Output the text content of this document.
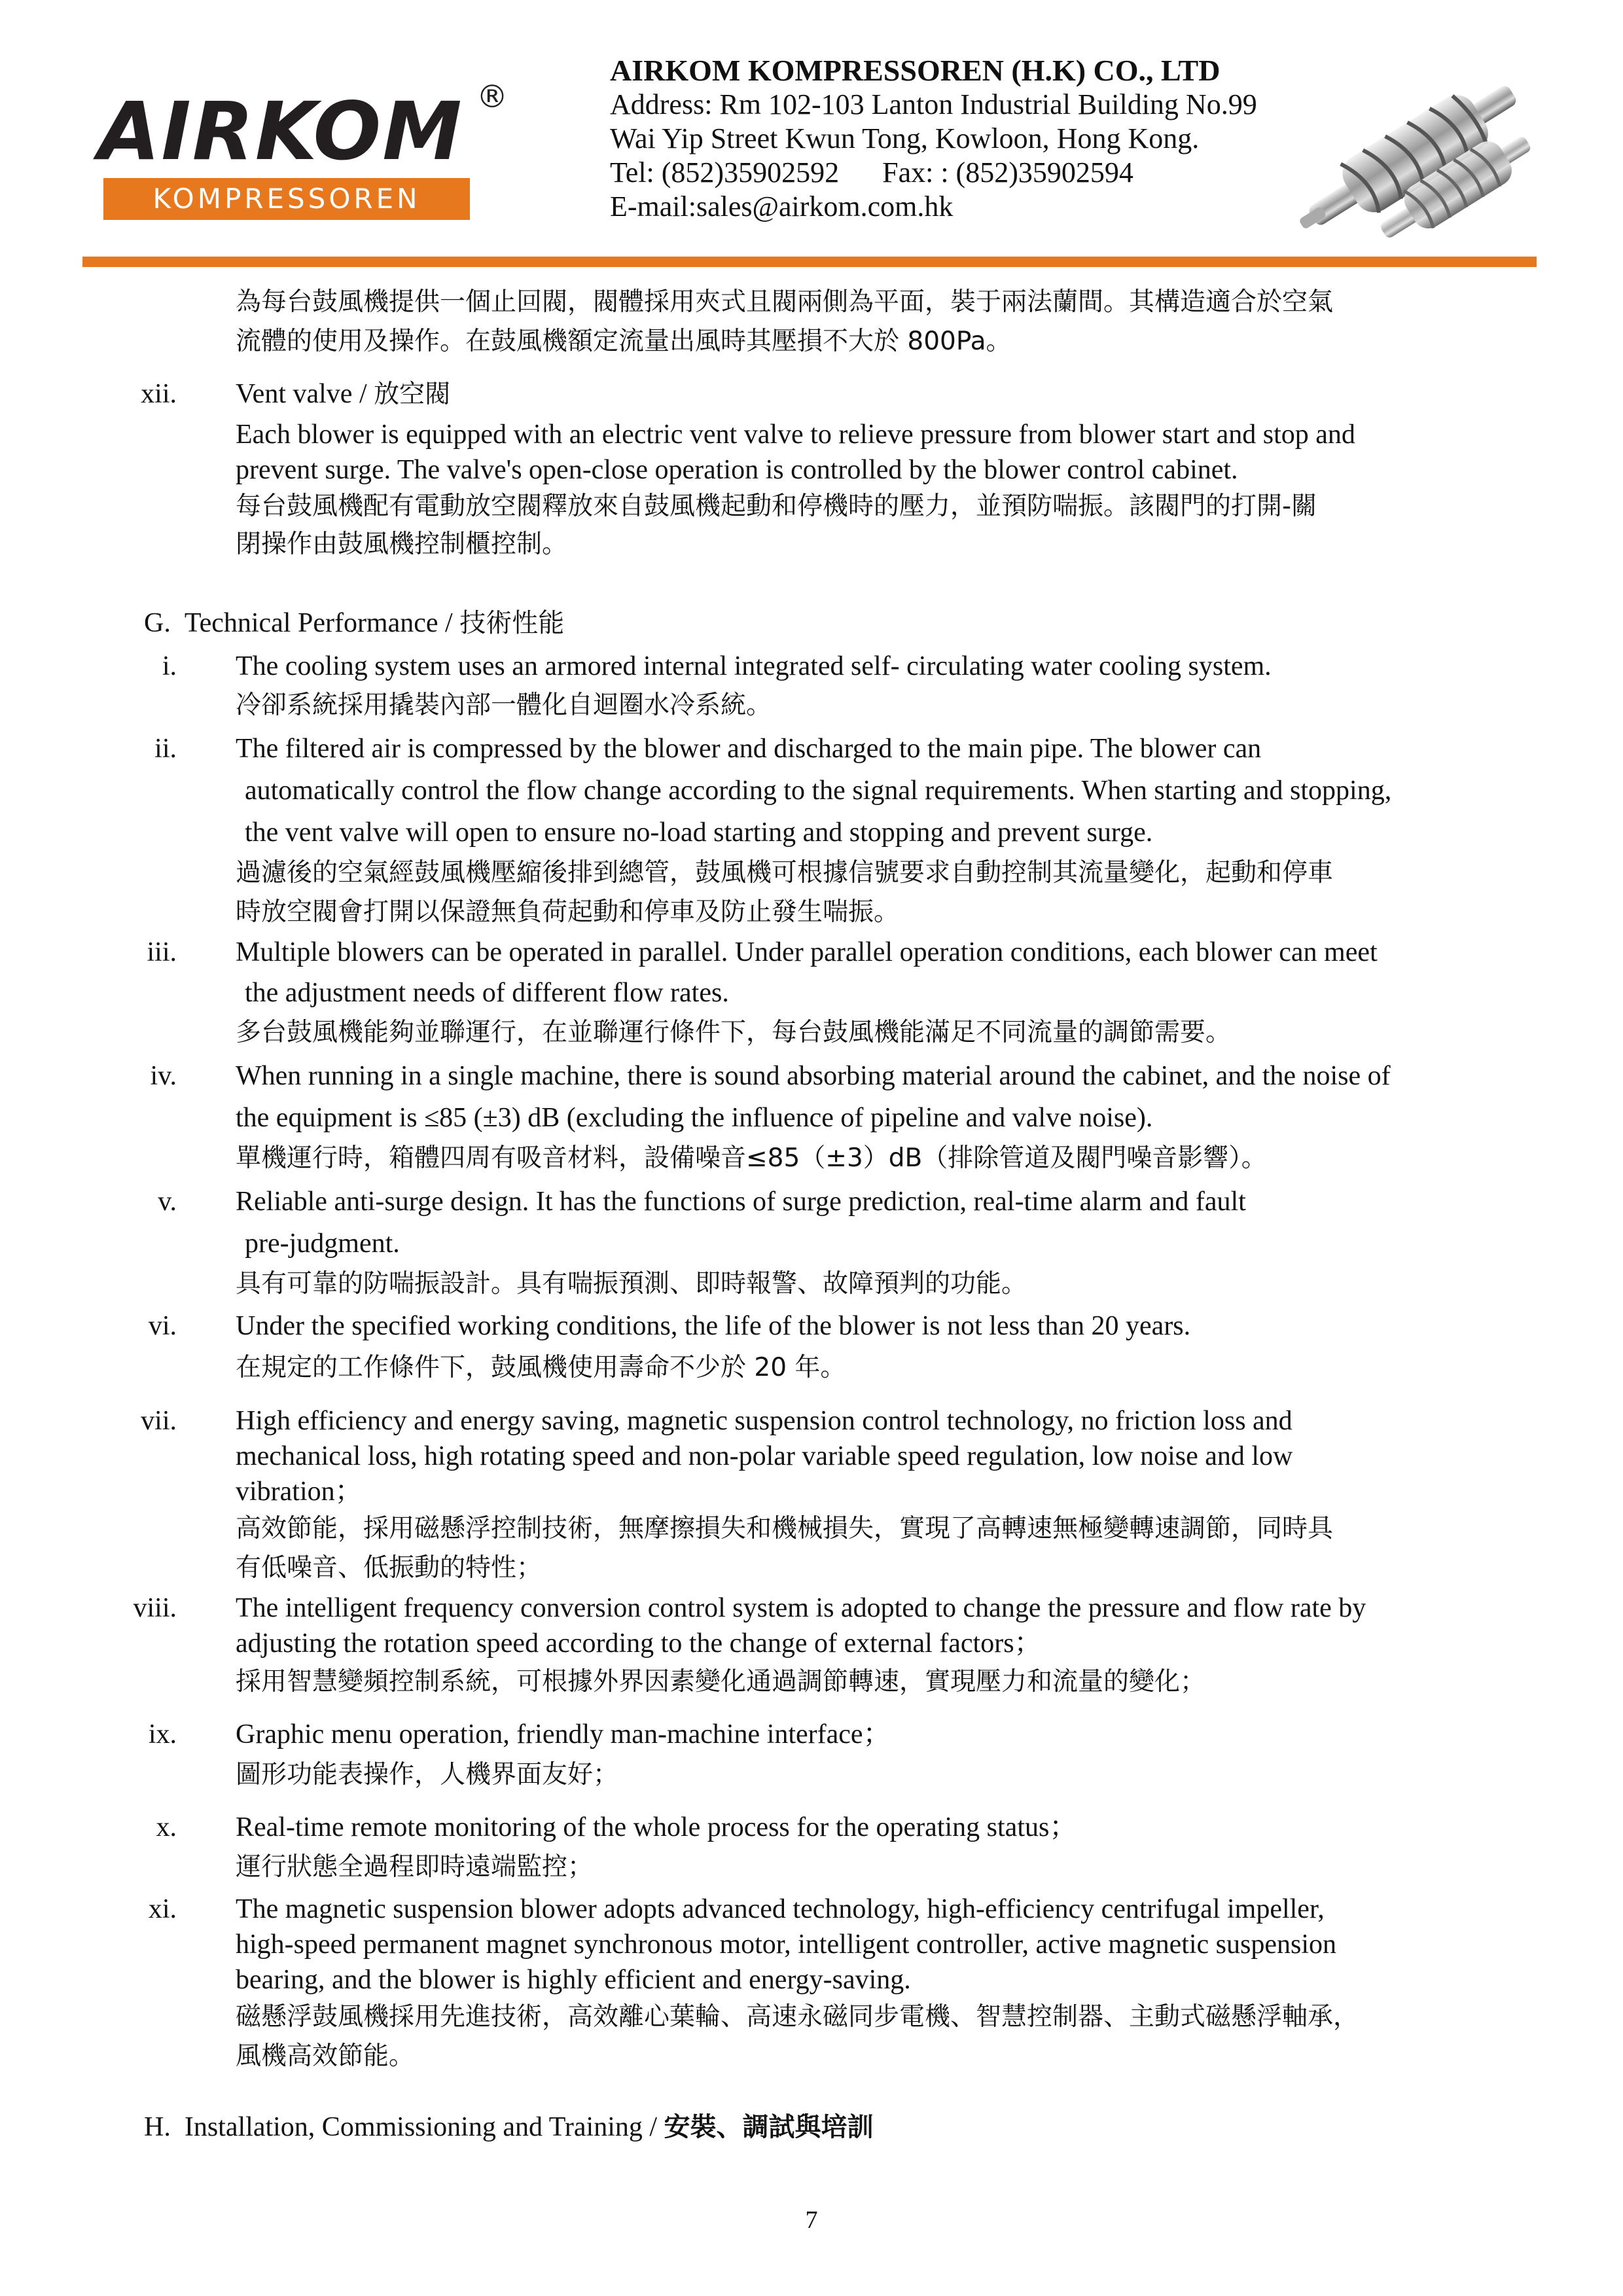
AIRKOM ®
KOMPRESSOREN
AIRKOM KOMPRESSOREN (H.K) CO., LTD
Address: Rm 102-103 Lanton Industrial Building No.99
Wai Yip Street Kwun Tong, Kowloon, Hong Kong.
Tel: (852)35902592 Fax: : (852)35902594
E-mail:sales@airkom.com.hk

為每台鼓風機提供一個止回閥，閥體採用夾式且閥兩側為平面，裝于兩法蘭間。其構造適合於空氣

流體的使用及操作。在鼓風機額定流量出風時其壓損不大於 800Pa。

xii. Vent valve / 放空閥

Each blower is equipped with an electric vent valve to relieve pressure from blower start and stop and

prevent surge. The valve's open-close operation is controlled by the blower control cabinet.

每台鼓風機配有電動放空閥釋放來自鼓風機起動和停機時的壓力，並預防喘振。該閥門的打開-關

閉操作由鼓風機控制櫃控制。

G. Technical Performance / 技術性能
i. The cooling system uses an armored internal integrated self- circulating water cooling system.

冷卻系統採用撬裝內部一體化自迴圈水冷系統。

ii. The filtered air is compressed by the blower and discharged to the main pipe. The blower can

automatically control the flow change according to the signal requirements. When starting and stopping,

the vent valve will open to ensure no-load starting and stopping and prevent surge.

過濾後的空氣經鼓風機壓縮後排到總管，鼓風機可根據信號要求自動控制其流量變化，起動和停車

時放空閥會打開以保證無負荷起動和停車及防止發生喘振。

iii. Multiple blowers can be operated in parallel. Under parallel operation conditions, each blower can meet

the adjustment needs of different flow rates.

多台鼓風機能夠並聯運行，在並聯運行條件下，每台鼓風機能滿足不同流量的調節需要。

iv. When running in a single machine, there is sound absorbing material around the cabinet, and the noise of

the equipment is ≤85 (±3) dB (excluding the influence of pipeline and valve noise).

單機運行時，箱體四周有吸音材料，設備噪音≤85（±3）dB（排除管道及閥門噪音影響）。

v. Reliable anti-surge design. It has the functions of surge prediction, real-time alarm and fault

pre-judgment.

具有可靠的防喘振設計。具有喘振預測、即時報警、故障預判的功能。

vi. Under the specified working conditions, the life of the blower is not less than 20 years.

在規定的工作條件下，鼓風機使用壽命不少於 20 年。

vii. High efficiency and energy saving, magnetic suspension control technology, no friction loss and

mechanical loss, high rotating speed and non-polar variable speed regulation, low noise and low

vibration；

高效節能，採用磁懸浮控制技術，無摩擦損失和機械損失，實現了高轉速無極變轉速調節，同時具

有低噪音、低振動的特性；

viii. The intelligent frequency conversion control system is adopted to change the pressure and flow rate by

adjusting the rotation speed according to the change of external factors；

採用智慧變頻控制系統，可根據外界因素變化通過調節轉速，實現壓力和流量的變化；

ix. Graphic menu operation, friendly man-machine interface；

圖形功能表操作，人機界面友好；

x. Real-time remote monitoring of the whole process for the operating status；

運行狀態全過程即時遠端監控；

xi. The magnetic suspension blower adopts advanced technology, high-efficiency centrifugal impeller,

high-speed permanent magnet synchronous motor, intelligent controller, active magnetic suspension

bearing, and the blower is highly efficient and energy-saving.

磁懸浮鼓風機採用先進技術，高效離心葉輪、高速永磁同步電機、智慧控制器、主動式磁懸浮軸承，

風機高效節能。

H. Installation, Commissioning and Training / 安裝、調試與培訓
7
